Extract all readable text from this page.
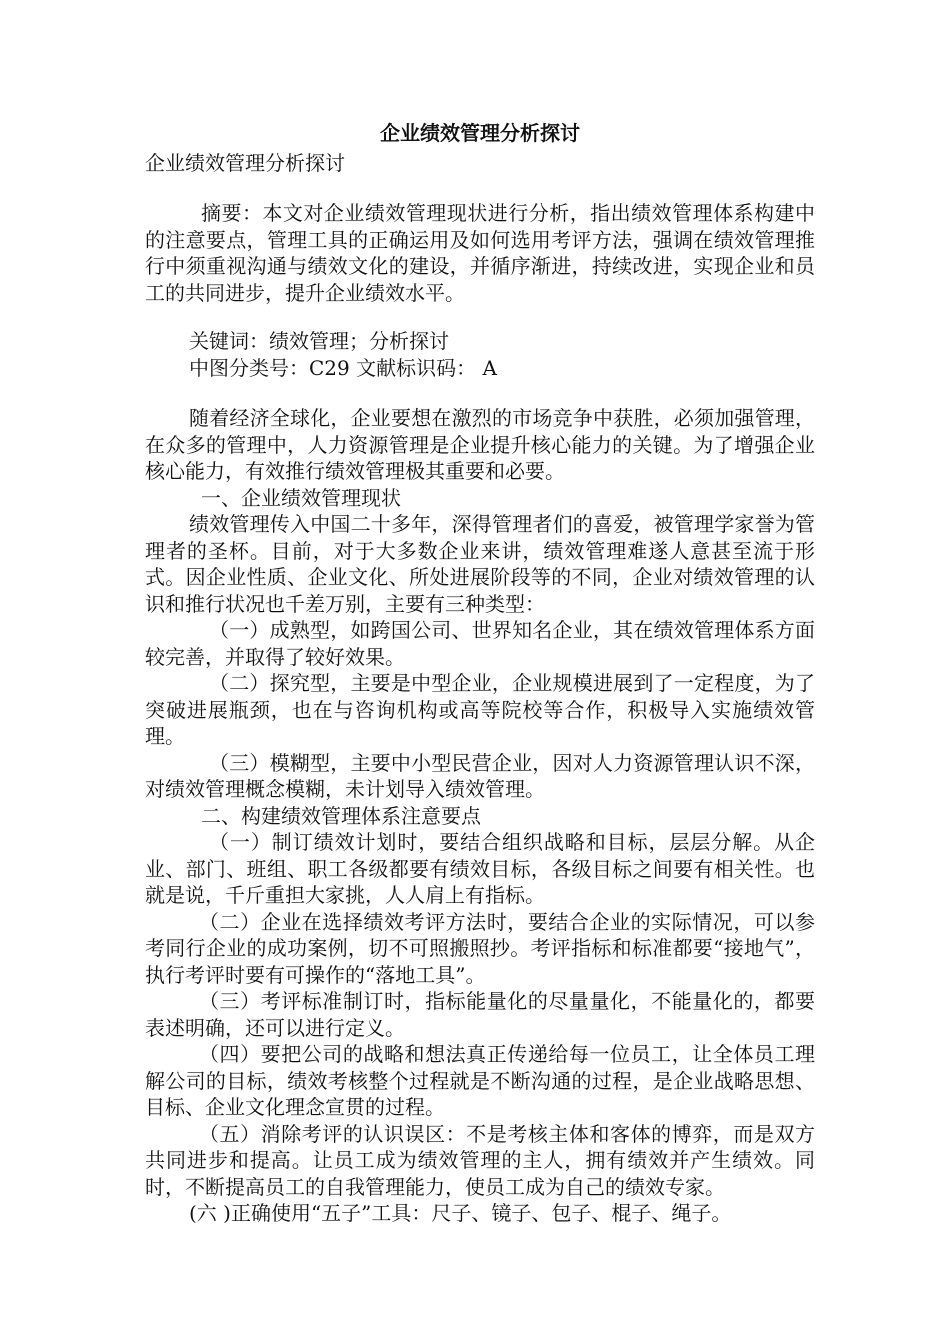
企业绩效管理分析探讨

企业绩效管理分析探讨

摘要：本文对企业绩效管理现状进行分析，指出绩效管理体系构建中的注意要点，管理工具的正确运用及如何选用考评方法，强调在绩效管理推行中须重视沟通与绩效文化的建设，并循序渐进，持续改进，实现企业和员工的共同进步，提升企业绩效水平。

关键词：绩效管理；分析探讨

中图分类号：C29 文献标识码： A

随着经济全球化，企业要想在激烈的市场竞争中获胜，必须加强管理，在众多的管理中，人力资源管理是企业提升核心能力的关键。为了增强企业核心能力，有效推行绩效管理极其重要和必要。

一、企业绩效管理现状

绩效管理传入中国二十多年，深得管理者们的喜爱，被管理学家誉为管理者的圣杯。目前，对于大多数企业来讲，绩效管理难遂人意甚至流于形式。因企业性质、企业文化、所处进展阶段等的不同，企业对绩效管理的认识和推行状况也千差万别，主要有三种类型：

（一）成熟型，如跨国公司、世界知名企业，其在绩效管理体系方面较完善，并取得了较好效果。

（二）探究型，主要是中型企业，企业规模进展到了一定程度，为了突破进展瓶颈，也在与咨询机构或高等院校等合作，积极导入实施绩效管理。

（三）模糊型，主要中小型民营企业，因对人力资源管理认识不深，对绩效管理概念模糊，未计划导入绩效管理。

二、构建绩效管理体系注意要点

（一）制订绩效计划时，要结合组织战略和目标，层层分解。从企业、部门、班组、职工各级都要有绩效目标，各级目标之间要有相关性。也就是说，千斤重担大家挑，人人肩上有指标。

（二）企业在选择绩效考评方法时，要结合企业的实际情况，可以参考同行企业的成功案例，切不可照搬照抄。考评指标和标准都要“接地气”，执行考评时要有可操作的“落地工具”。

（三）考评标准制订时，指标能量化的尽量量化，不能量化的，都要表述明确，还可以进行定义。

（四）要把公司的战略和想法真正传递给每一位员工，让全体员工理解公司的目标，绩效考核整个过程就是不断沟通的过程，是企业战略思想、目标、企业文化理念宣贯的过程。

（五）消除考评的认识误区：不是考核主体和客体的博弈，而是双方共同进步和提高。让员工成为绩效管理的主人，拥有绩效并产生绩效。同时，不断提高员工的自我管理能力，使员工成为自己的绩效专家。

(六 )正确使用“五子”工具：尺子、镜子、包子、棍子、绳子。
